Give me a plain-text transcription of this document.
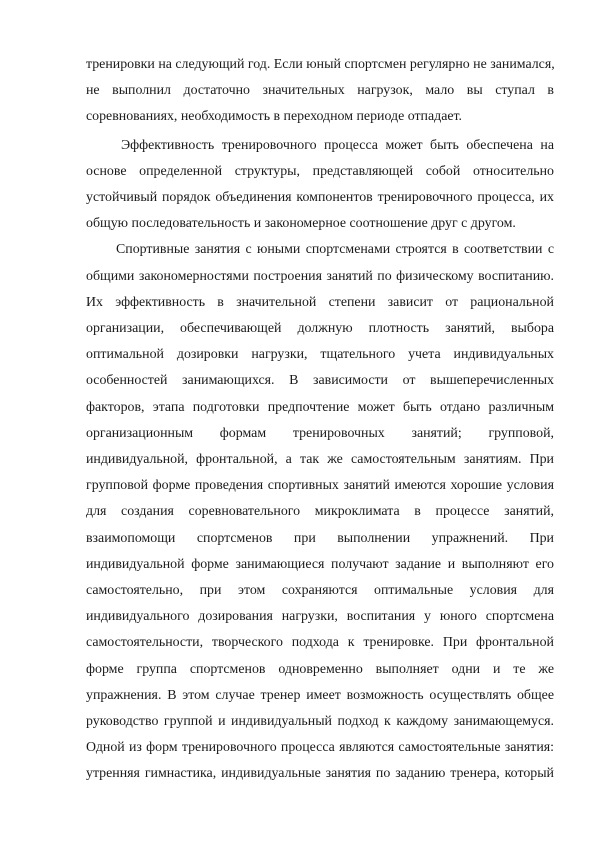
тренировки на следующий год. Если юный спортсмен регулярно не занимался,

не выполнил достаточно значительных нагрузок, мало вы ступал в

соревнованиях, необходимость в переходном периоде отпадает.

Эффективность тренировочного процесса может быть обеспечена на

основе определенной структуры, представляющей собой относительно

устойчивый порядок объединения компонентов тренировочного процесса, их

общую последовательность и закономерное соотношение друг с другом.

Спортивные занятия с юными спортсменами строятся в соответствии с

общими закономерностями построения занятий по физическому воспитанию.

Их эффективность в значительной степени зависит от рациональной

организации, обеспечивающей должную плотность занятий, выбора

оптимальной дозировки нагрузки, тщательного учета индивидуальных

особенностей занимающихся. В зависимости от вышеперечисленных

факторов, этапа подготовки предпочтение может быть отдано различным

организационным формам тренировочных занятий; групповой,

индивидуальной, фронтальной, а так же самостоятельным занятиям. При

групповой форме проведения спортивных занятий имеются хорошие условия

для создания соревновательного микроклимата в процессе занятий,

взаимопомощи спортсменов при выполнении упражнений. При

индивидуальной форме занимающиеся получают задание и выполняют его

самостоятельно, при этом сохраняются оптимальные условия для

индивидуального дозирования нагрузки, воспитания у юного спортсмена

самостоятельности, творческого подхода к тренировке. При фронтальной

форме группа спортсменов одновременно выполняет одни и те же

упражнения. В этом случае тренер имеет возможность осуществлять общее

руководство группой и индивидуальный подход к каждому занимающемуся.

Одной из форм тренировочного процесса являются самостоятельные занятия:

утренняя гимнастика, индивидуальные занятия по заданию тренера, который
